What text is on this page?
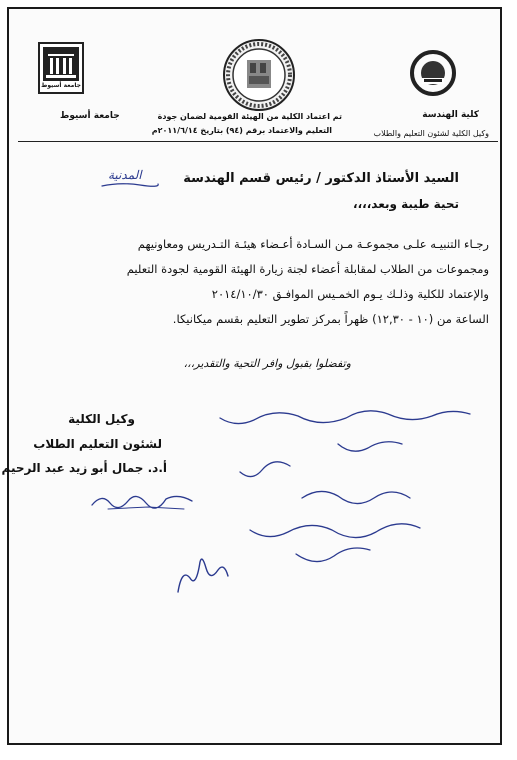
جامعة أسيوط
كلية الهندسة
وكيل الكلية لشئون التعليم والطلاب
تم اعتماد الكلية من الهيئة القومية لضمان جودة
التعليم والاعتماد برقم (٩٤) بتاريخ ٢٠١١/٦/١٤م
جامعة أسيوط
السيد الأستاذ الدكتور / رئيس قسم الهندسة
المدنية
تحية طيبة وبعد،،،،
رجـاء التنبيـه علـى مجموعـة مـن السـادة أعـضاء هيئـة التـدريس ومعاونيهم
ومجموعات من الطلاب لمقابلة أعضاء لجنة زيارة الهيئة القومية لجودة التعليم
والإعتماد للكلية وذلـك يـوم الخمـيس الموافـق ٢٠١٤/١٠/٣٠
الساعة من (١٠ - ١٢,٣٠) ظهراً بمركز تطوير التعليم بقسم ميكانيكا.
وتفضلوا بقبول وافر التحية والتقدير،،،
وكيل الكلية
لشئون التعليم الطلاب
أ.د. جمال أبو زيد عبد الرحيم
